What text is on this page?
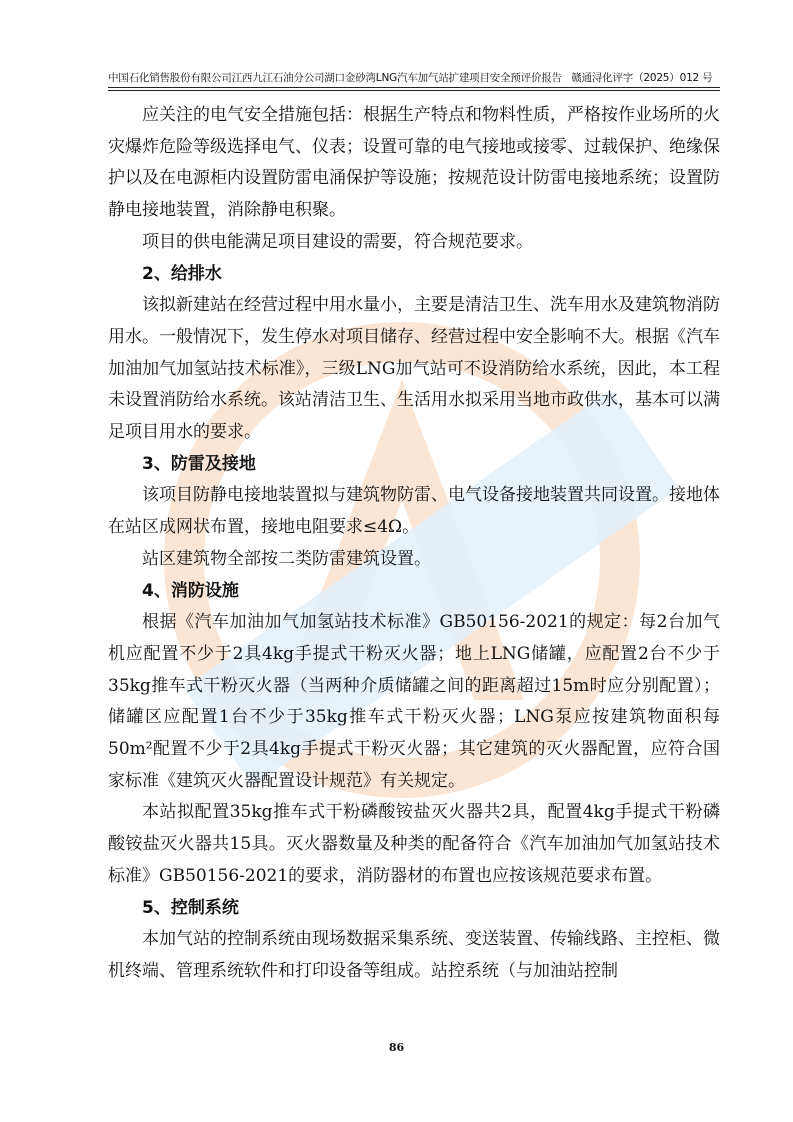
中国石化销售股份有限公司江西九江石油分公司湖口金砂湾LNG汽车加气站扩建项目安全预评价报告 赣通浔化评字（2025）012 号

应关注的电气安全措施包括：根据生产特点和物料性质，严格按作业场所的火灾爆炸危险等级选择电气、仪表；设置可靠的电气接地或接零、过载保护、绝缘保护以及在电源柜内设置防雷电涌保护等设施；按规范设计防雷电接地系统；设置防静电接地装置，消除静电积聚。

项目的供电能满足项目建设的需要，符合规范要求。

2、给排水

该拟新建站在经营过程中用水量小，主要是清洁卫生、洗车用水及建筑物消防用水。一般情况下，发生停水对项目储存、经营过程中安全影响不大。根据《汽车加油加气加氢站技术标准》，三级LNG加气站可不设消防给水系统，因此，本工程未设置消防给水系统。该站清洁卫生、生活用水拟采用当地市政供水，基本可以满足项目用水的要求。

3、防雷及接地

该项目防静电接地装置拟与建筑物防雷、电气设备接地装置共同设置。接地体在站区成网状布置，接地电阻要求≤4Ω。

站区建筑物全部按二类防雷建筑设置。

4、消防设施

根据《汽车加油加气加氢站技术标准》GB50156-2021的规定：每2台加气机应配置不少于2具4kg手提式干粉灭火器；地上LNG储罐，应配置2台不少于35kg推车式干粉灭火器（当两种介质储罐之间的距离超过15m时应分别配置）；储罐区应配置1台不少于35kg推车式干粉灭火器；LNG泵应按建筑物面积每50m²配置不少于2具4kg手提式干粉灭火器；其它建筑的灭火器配置，应符合国家标准《建筑灭火器配置设计规范》有关规定。

本站拟配置35kg推车式干粉磷酸铵盐灭火器共2具，配置4kg手提式干粉磷酸铵盐灭火器共15具。灭火器数量及种类的配备符合《汽车加油加气加氢站技术标准》GB50156-2021的要求，消防器材的布置也应按该规范要求布置。

5、控制系统

本加气站的控制系统由现场数据采集系统、变送装置、传输线路、主控柜、微机终端、管理系统软件和打印设备等组成。站控系统（与加油站控制

86
